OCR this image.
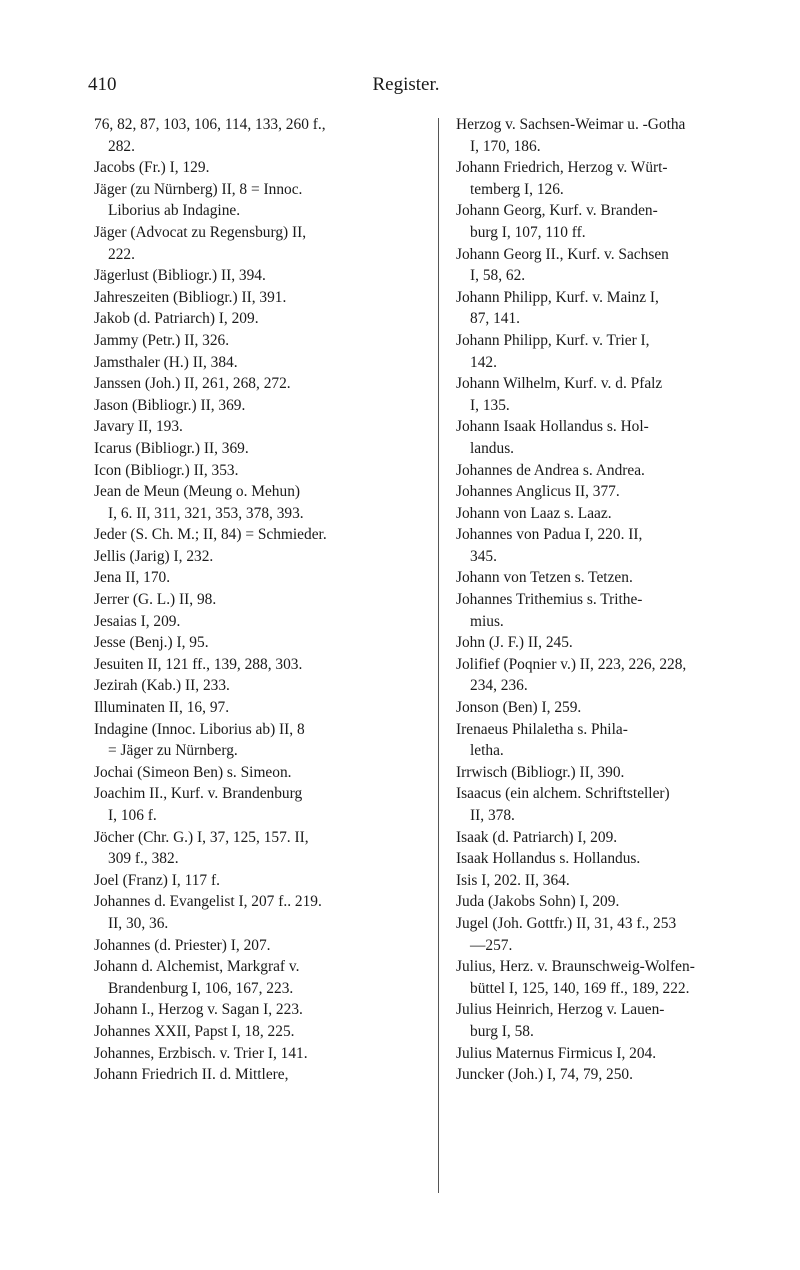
410	Register.
76, 82, 87, 103, 106, 114, 133, 260 f.,
282.
Jacobs (Fr.) I, 129.
Jäger (zu Nürnberg) II, 8 = Innoc.
Liborius ab Indagine.
Jäger (Advocat zu Regensburg) II,
222.
Jägerlust (Bibliogr.) II, 394.
Jahreszeiten (Bibliogr.) II, 391.
Jakob (d. Patriarch) I, 209.
Jammy (Petr.) II, 326.
Jamsthaler (H.) II, 384.
Janssen (Joh.) II, 261, 268, 272.
Jason (Bibliogr.) II, 369.
Javary II, 193.
Icarus (Bibliogr.) II, 369.
Icon (Bibliogr.) II, 353.
Jean de Meun (Meung o. Mehun)
I, 6. II, 311, 321, 353, 378, 393.
Jeder (S. Ch. M.; II, 84) = Schmieder.
Jellis (Jarig) I, 232.
Jena II, 170.
Jerrer (G. L.) II, 98.
Jesaias I, 209.
Jesse (Benj.) I, 95.
Jesuiten II, 121 ff., 139, 288, 303.
Jezirah (Kab.) II, 233.
Illuminaten II, 16, 97.
Indagine (Innoc. Liborius ab) II, 8
= Jäger zu Nürnberg.
Jochai (Simeon Ben) s. Simeon.
Joachim II., Kurf. v. Brandenburg
I, 106 f.
Jöcher (Chr. G.) I, 37, 125, 157. II,
309 f., 382.
Joel (Franz) I, 117 f.
Johannes d. Evangelist I, 207 f.. 219.
II, 30, 36.
Johannes (d. Priester) I, 207.
Johann d. Alchemist, Markgraf v.
Brandenburg I, 106, 167, 223.
Johann I., Herzog v. Sagan I, 223.
Johannes XXII, Papst I, 18, 225.
Johannes, Erzbisch. v. Trier I, 141.
Johann Friedrich II. d. Mittlere,
Herzog v. Sachsen-Weimar u. -Gotha
I, 170, 186.
Johann Friedrich, Herzog v. Würt-
temberg I, 126.
Johann Georg, Kurf. v. Branden-
burg I, 107, 110 ff.
Johann Georg II., Kurf. v. Sachsen
I, 58, 62.
Johann Philipp, Kurf. v. Mainz I,
87, 141.
Johann Philipp, Kurf. v. Trier I,
142.
Johann Wilhelm, Kurf. v. d. Pfalz
I, 135.
Johann Isaak Hollandus s. Hol-
landus.
Johannes de Andrea s. Andrea.
Johannes Anglicus II, 377.
Johann von Laaz s. Laaz.
Johannes von Padua I, 220. II,
345.
Johann von Tetzen s. Tetzen.
Johannes Trithemius s. Trithe-
mius.
John (J. F.) II, 245.
Jolifief (Poqnier v.) II, 223, 226, 228,
234, 236.
Jonson (Ben) I, 259.
Irenaeus Philaletha s. Phila-
letha.
Irrwisch (Bibliogr.) II, 390.
Isaacus (ein alchem. Schriftsteller)
II, 378.
Isaak (d. Patriarch) I, 209.
Isaak Hollandus s. Hollandus.
Isis I, 202. II, 364.
Juda (Jakobs Sohn) I, 209.
Jugel (Joh. Gottfr.) II, 31, 43 f., 253
—257.
Julius, Herz. v. Braunschweig-Wolfen-
büttel I, 125, 140, 169 ff., 189, 222.
Julius Heinrich, Herzog v. Lauen-
burg I, 58.
Julius Maternus Firmicus I, 204.
Juncker (Joh.) I, 74, 79, 250.
